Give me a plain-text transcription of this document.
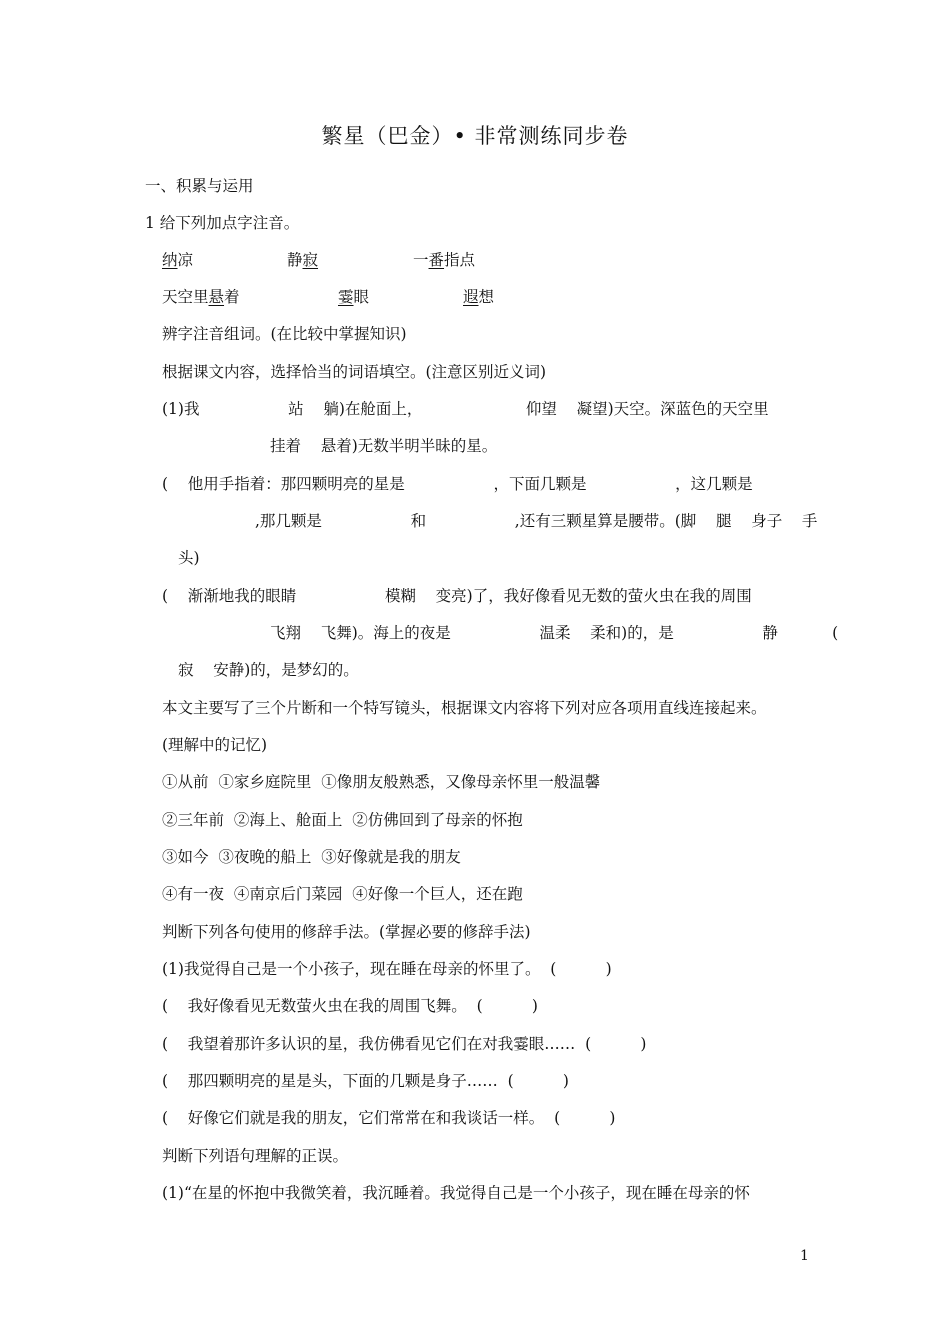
繁星（巴金）• 非常测练同步卷
一、积累与运用
1 给下列加点字注音。
纳凉	静寂	一番指点
天空里悬着	霎眼	遐想
辨字注音组词。(在比较中掌握知识)
根据课文内容，选择恰当的词语填空。(注意区别近义词)
(1)我                  站    躺)在舱面上，                     仰望    凝望)天空。深蓝色的天空里
挂着    悬着)无数半明半昧的星。
(    他用手指着：那四颗明亮的星是                  ，下面几颗是                  ，这几颗是
,那几颗是                  和                  ,还有三颗星算是腰带。(脚    腿    身子    手
头)
(    渐渐地我的眼睛                  模糊    变亮)了，我好像看见无数的萤火虫在我的周围
飞翔    飞舞)。海上的夜是                  温柔    柔和)的，是                  静           (
寂    安静)的，是梦幻的。
本文主要写了三个片断和一个特写镜头，根据课文内容将下列对应各项用直线连接起来。
(理解中的记忆)
①从前  ①家乡庭院里  ①像朋友般熟悉，又像母亲怀里一般温馨
②三年前  ②海上、舱面上  ②仿佛回到了母亲的怀抱
③如今  ③夜晚的船上  ③好像就是我的朋友
④有一夜  ④南京后门菜园  ④好像一个巨人，还在跑
判断下列各句使用的修辞手法。(掌握必要的修辞手法)
(1)我觉得自己是一个小孩子，现在睡在母亲的怀里了。  (          )
(    我好像看见无数萤火虫在我的周围飞舞。  (          )
(    我望着那许多认识的星，我仿佛看见它们在对我霎眼……  (          )
(    那四颗明亮的星是头，下面的几颗是身子……  (          )
(    好像它们就是我的朋友，它们常常在和我谈话一样。  (          )
判断下列语句理解的正误。
(1)“在星的怀抱中我微笑着，我沉睡着。我觉得自己是一个小孩子，现在睡在母亲的怀
1
